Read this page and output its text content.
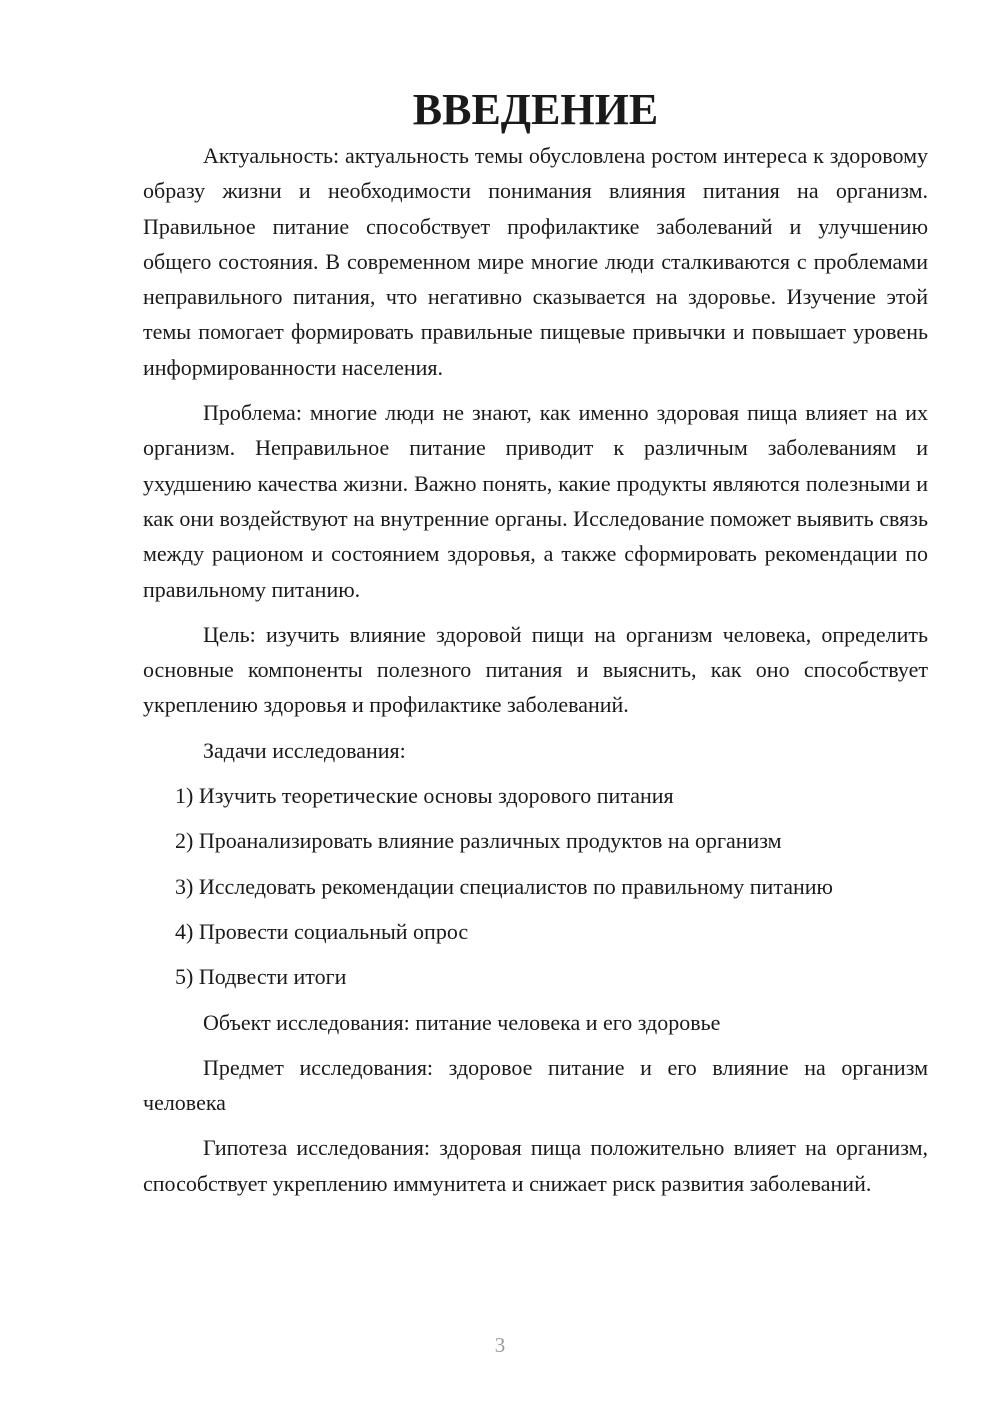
ВВЕДЕНИЕ

Актуальность: актуальность темы обусловлена ростом интереса к здоровому образу жизни и необходимости понимания влияния питания на организм. Правильное питание способствует профилактике заболеваний и улучшению общего состояния. В современном мире многие люди сталкиваются с проблемами неправильного питания, что негативно сказывается на здоровье. Изучение этой темы помогает формировать правильные пищевые привычки и повышает уровень информированности населения.

Проблема: многие люди не знают, как именно здоровая пища влияет на их организм. Неправильное питание приводит к различным заболеваниям и ухудшению качества жизни. Важно понять, какие продукты являются полезными и как они воздействуют на внутренние органы. Исследование поможет выявить связь между рационом и состоянием здоровья, а также сформировать рекомендации по правильному питанию.

Цель: изучить влияние здоровой пищи на организм человека, определить основные компоненты полезного питания и выяснить, как оно способствует укреплению здоровья и профилактике заболеваний.

Задачи исследования:

1) Изучить теоретические основы здорового питания
2) Проанализировать влияние различных продуктов на организм
3) Исследовать рекомендации специалистов по правильному питанию
4) Провести социальный опрос
5) Подвести итоги

Объект исследования: питание человека и его здоровье

Предмет исследования: здоровое питание и его влияние на организм человека

Гипотеза исследования: здоровая пища положительно влияет на организм, способствует укреплению иммунитета и снижает риск развития заболеваний.

3
